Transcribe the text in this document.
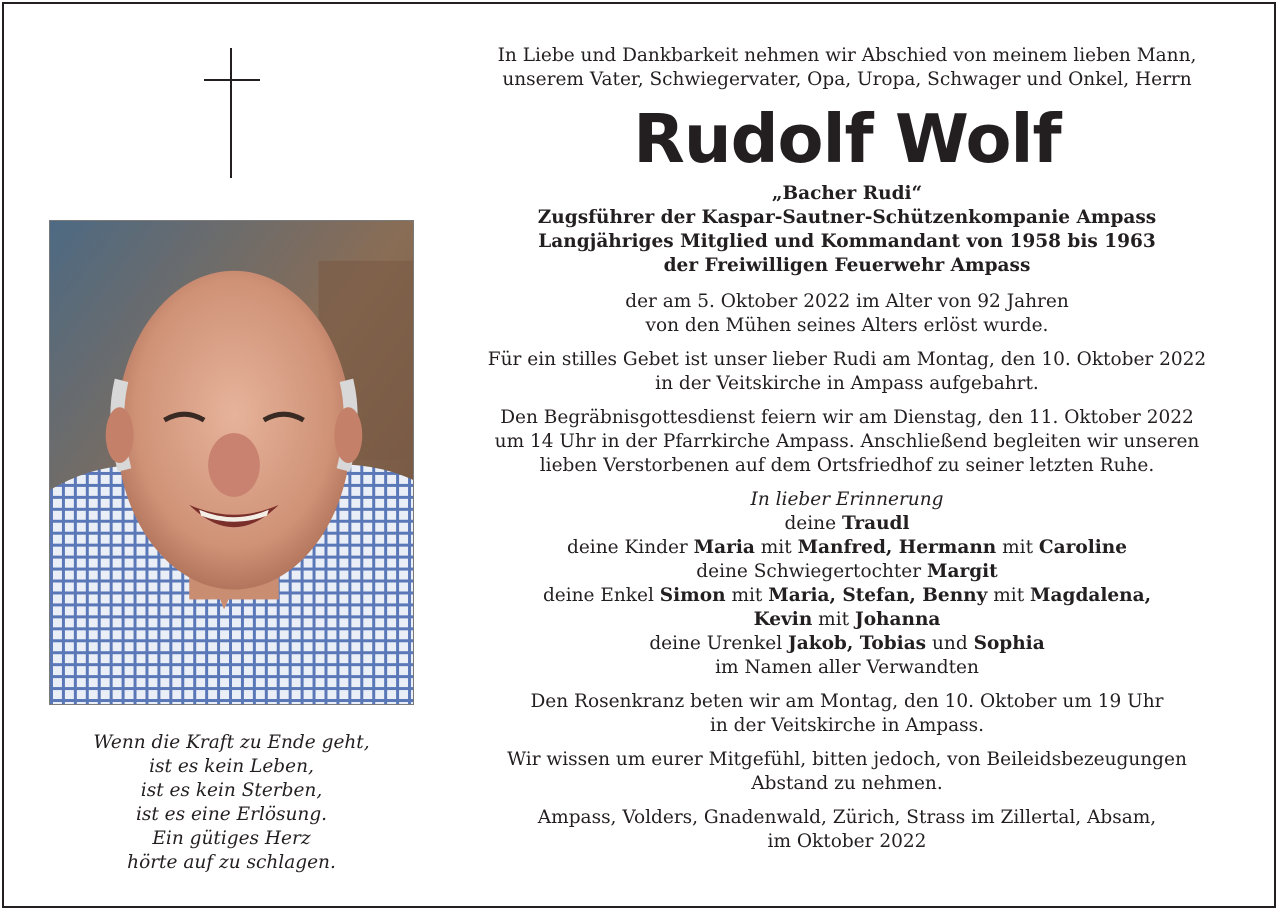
Wenn die Kraft zu Ende geht,

ist es kein Leben,

ist es kein Sterben,

ist es eine Erlösung.

Ein gütiges Herz

hörte auf zu schlagen.

In Liebe und Dankbarkeit nehmen wir Abschied von meinem lieben Mann,

unserem Vater, Schwiegervater, Opa, Uropa, Schwager und Onkel, Herrn

Rudolf Wolf

„Bacher Rudi“

Zugsführer der Kaspar-Sautner-Schützenkompanie Ampass

Langjähriges Mitglied und Kommandant von 1958 bis 1963

der Freiwilligen Feuerwehr Ampass

der am 5. Oktober 2022 im Alter von 92 Jahren

von den Mühen seines Alters erlöst wurde.

Für ein stilles Gebet ist unser lieber Rudi am Montag, den 10. Oktober 2022

in der Veitskirche in Ampass aufgebahrt.

Den Begräbnisgottesdienst feiern wir am Dienstag, den 11. Oktober 2022

um 14 Uhr in der Pfarrkirche Ampass. Anschließend begleiten wir unseren

lieben Verstorbenen auf dem Ortsfriedhof zu seiner letzten Ruhe.

In lieber Erinnerung

deine Traudl

deine Kinder Maria mit Manfred, Hermann mit Caroline

deine Schwiegertochter Margit

deine Enkel Simon mit Maria, Stefan, Benny mit Magdalena,

Kevin mit Johanna

deine Urenkel Jakob, Tobias und Sophia

im Namen aller Verwandten

Den Rosenkranz beten wir am Montag, den 10. Oktober um 19 Uhr

in der Veitskirche in Ampass.

Wir wissen um eurer Mitgefühl, bitten jedoch, von Beileidsbezeugungen

Abstand zu nehmen.

Ampass, Volders, Gnadenwald, Zürich, Strass im Zillertal, Absam,

im Oktober 2022
